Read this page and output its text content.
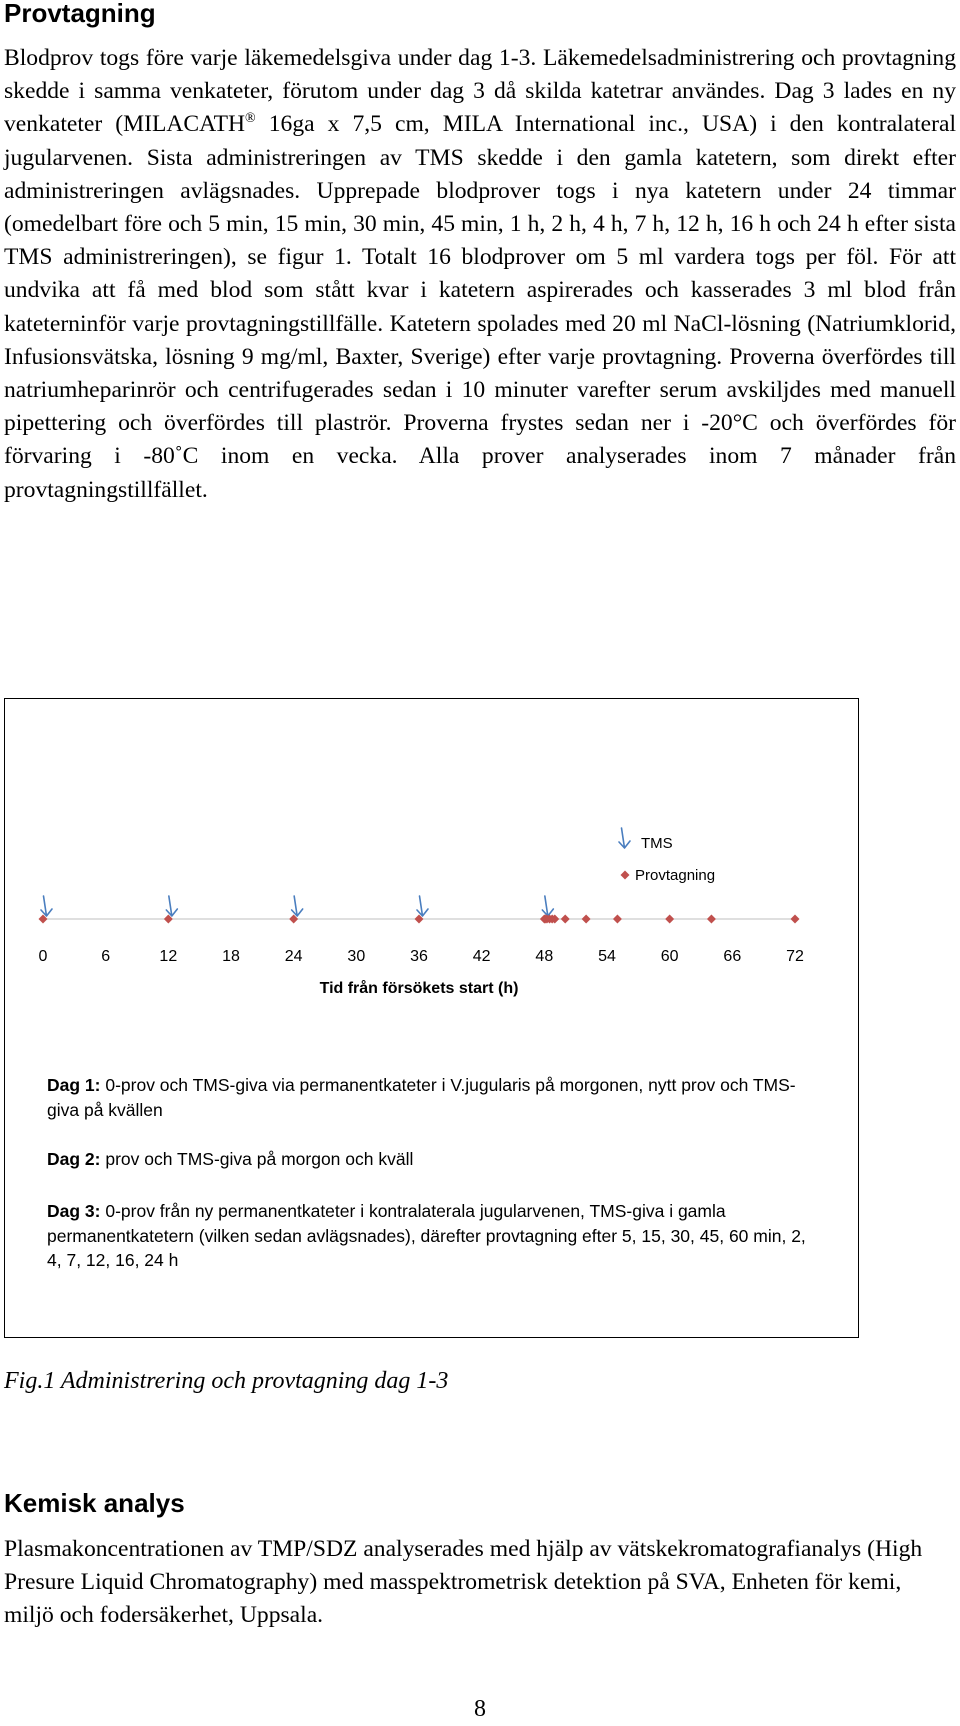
Provtagning

Blodprov togs före varje läkemedelsgiva under dag 1-3. Läkemedelsadministrering och provtagning skedde i samma venkateter, förutom under dag 3 då skilda katetrar användes. Dag 3 lades en ny venkateter (MILACATH® 16ga x 7,5 cm, MILA International inc., USA) i den kontralateral jugularvenen. Sista administreringen av TMS skedde i den gamla katetern, som direkt efter administreringen avlägsnades. Upprepade blodprover togs i nya katetern under 24 timmar (omedelbart före och 5 min, 15 min, 30 min, 45 min, 1 h, 2 h, 4 h, 7 h, 12 h, 16 h och 24 h efter sista TMS administreringen), se figur 1. Totalt 16 blodprover om 5 ml vardera togs per föl. För att undvika att få med blod som stått kvar i katetern aspirerades och kasserades 3 ml blod från kateterninför varje provtagningstillfälle. Katetern spolades med 20 ml NaCl-lösning (Natriumklorid, Infusionsvätska, lösning 9 mg/ml, Baxter, Sverige) efter varje provtagning. Proverna överfördes till natriumheparinrör och centrifugerades sedan i 10 minuter varefter serum avskiljdes med manuell pipettering och överfördes till plaströr. Proverna frystes sedan ner i -20°C och överfördes för förvaring i -80˚C inom en vecka. Alla prover analyserades inom 7 månader från provtagningstillfället.

TMS
Provtagning
0	6	12	18	24	30	36	42	48	54	60	66	72
Tid från försökets start (h)
Dag 1: 0-prov och TMS-giva via permanentkateter i V.jugularis på morgonen, nytt prov och TMS-giva på kvällen
Dag 2: prov och TMS-giva på morgon och kväll
Dag 3: 0-prov från ny permanentkateter i kontralaterala jugularvenen, TMS-giva i gamla permanentkatetern (vilken sedan avlägsnades), därefter provtagning efter 5, 15, 30, 45, 60 min, 2, 4, 7, 12, 16, 24 h
Fig.1 Administrering och provtagning dag 1-3
Kemisk analys

Plasmakoncentrationen av TMP/SDZ analyserades med hjälp av vätskekromatografianalys (High Presure Liquid Chromatography) med masspektrometrisk detektion på SVA, Enheten för kemi, miljö och fodersäkerhet, Uppsala.

8
